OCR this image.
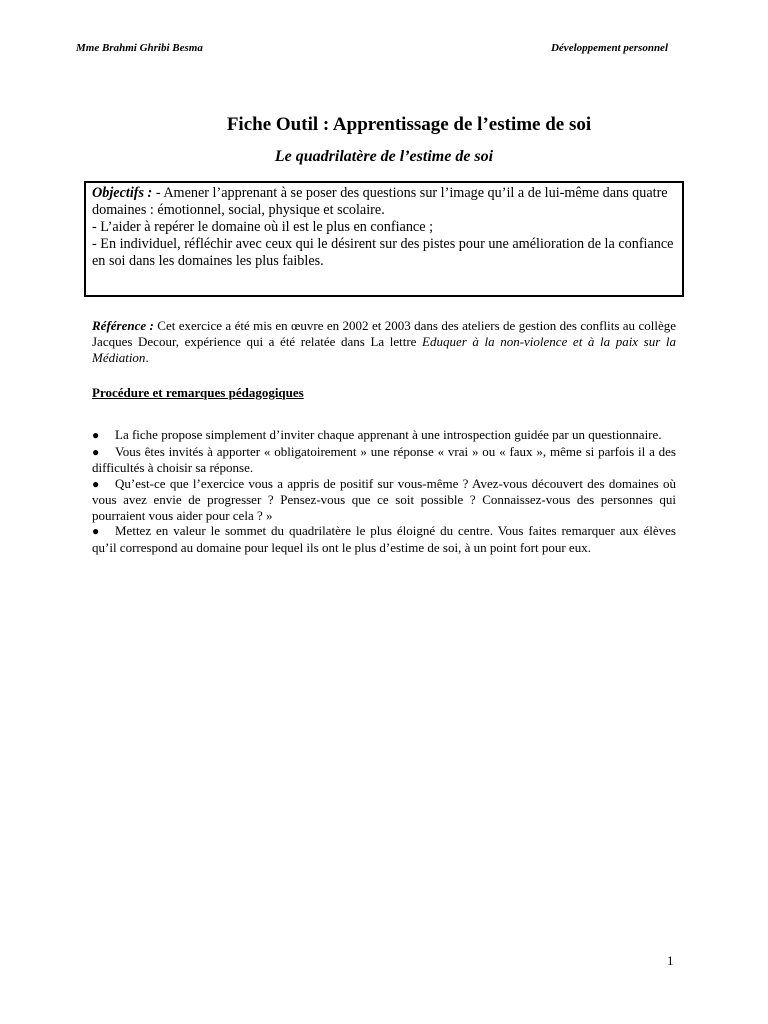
Mme Brahmi Ghribi Besma	Développement personnel
Fiche Outil : Apprentissage de l’estime de soi
Le quadrilatère de l’estime de soi

Objectifs : - Amener l’apprenant à se poser des questions sur l’image qu’il a de lui-même dans quatre domaines : émotionnel, social, physique et scolaire.

- L’aider à repérer le domaine où il est le plus en confiance ;

- En individuel, réfléchir avec ceux qui le désirent sur des pistes pour une amélioration de la confiance en soi dans les domaines les plus faibles.

Référence : Cet exercice a été mis en œuvre en 2002 et 2003 dans des ateliers de gestion des conflits au collège Jacques Decour, expérience qui a été relatée dans La lettre Eduquer à la non-violence et à la paix sur la Médiation.
Procédure et remarques pédagogiques

● La fiche propose simplement d’inviter chaque apprenant à une introspection guidée par un questionnaire.

● Vous êtes invités à apporter « obligatoirement » une réponse « vrai » ou « faux », même si parfois il a des difficultés à choisir sa réponse.

● Qu’est-ce que l’exercice vous a appris de positif sur vous-même ? Avez-vous découvert des domaines où vous avez envie de progresser ? Pensez-vous que ce soit possible ? Connaissez-vous des personnes qui pourraient vous aider pour cela ? »

● Mettez en valeur le sommet du quadrilatère le plus éloigné du centre. Vous faites remarquer aux élèves qu’il correspond au domaine pour lequel ils ont le plus d’estime de soi, à un point fort pour eux.

1
